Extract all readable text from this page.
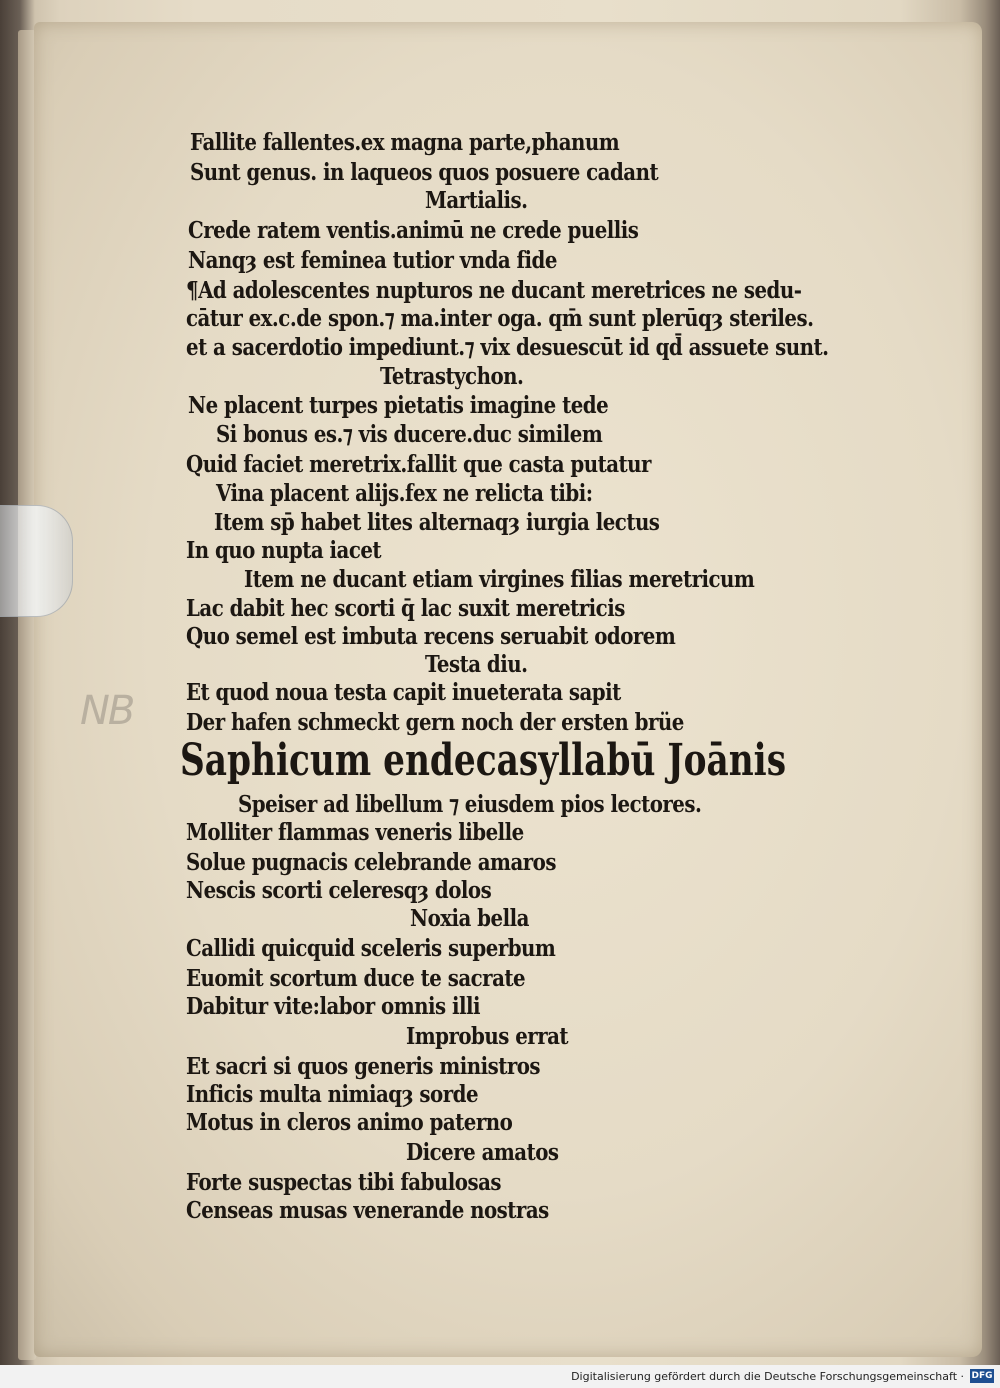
NB
Fallite fallentes.ex magna parte,phanum
Sunt genus. in laqueos quos posuere cadant
Martialis.
Crede ratem ventis.animū ne crede puellis
Nanqȝ est feminea tutior vnda fide
¶Ad adolescentes nupturos ne ducant meretrices ne sedu-
cātur ex.c.de spon.⁊ ma.inter oga. qm̄ sunt plerūqȝ steriles.
et a sacerdotio impediunt.⁊ vix desuescūt id qd̄ assuete sunt.
Tetrastychon.
Ne placent turpes pietatis imagine tede
Si bonus es.⁊ vis ducere.duc similem
Quid faciet meretrix.fallit que casta putatur
Vina placent alijs.fex ne relicta tibi:
Item sp̄ habet lites alternaqȝ iurgia lectus
In quo nupta iacet
Item ne ducant etiam virgines filias meretricum
Lac dabit hec scorti q̄ lac suxit meretricis
Quo semel est imbuta recens seruabit odorem
Testa diu.
Et quod noua testa capit inueterata sapit
Der hafen schmeckt gern noch der ersten brüe
Saphicum endecasyllabū Joānis
Speiser ad libellum ⁊ eiusdem pios lectores.
Molliter flammas veneris libelle
Solue pugnacis celebrande amaros
Nescis scorti celeresqȝ dolos
Noxia bella
Callidi quicquid sceleris superbum
Euomit scortum duce te sacrate
Dabitur vite:labor omnis illi
Improbus errat
Et sacri si quos generis ministros
Inficis multa nimiaqȝ sorde
Motus in cleros animo paterno
Dicere amatos
Forte suspectas tibi fabulosas
Censeas musas venerande nostras
Digitalisierung gefördert durch die Deutsche Forschungsgemeinschaft · DFG
